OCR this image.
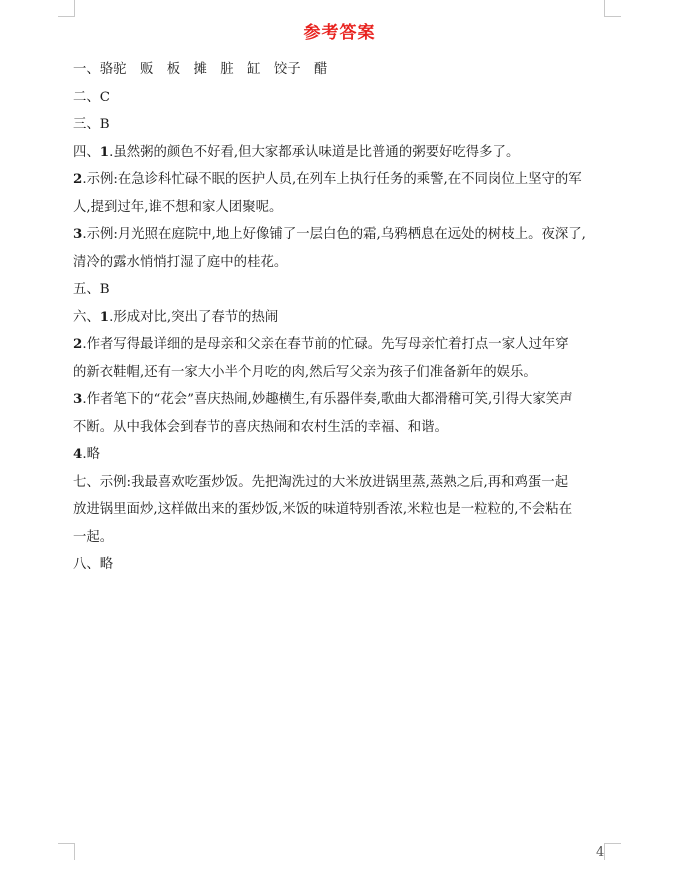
参考答案
一、骆驼　贩　板　摊　脏　缸　饺子　醋
二、C
三、B
四、1.虽然粥的颜色不好看,但大家都承认味道是比普通的粥要好吃得多了。
2.示例:在急诊科忙碌不眠的医护人员,在列车上执行任务的乘警,在不同岗位上坚守的军
人,提到过年,谁不想和家人团聚呢。
3.示例:月光照在庭院中,地上好像铺了一层白色的霜,乌鸦栖息在远处的树枝上。夜深了,
清冷的露水悄悄打湿了庭中的桂花。
五、B
六、1.形成对比,突出了春节的热闹
2.作者写得最详细的是母亲和父亲在春节前的忙碌。先写母亲忙着打点一家人过年穿
的新衣鞋帽,还有一家大小半个月吃的肉,然后写父亲为孩子们准备新年的娱乐。
3.作者笔下的“花会”喜庆热闹,妙趣横生,有乐器伴奏,歌曲大都滑稽可笑,引得大家笑声
不断。从中我体会到春节的喜庆热闹和农村生活的幸福、和谐。
4.略
七、示例:我最喜欢吃蛋炒饭。先把淘洗过的大米放进锅里蒸,蒸熟之后,再和鸡蛋一起
放进锅里面炒,这样做出来的蛋炒饭,米饭的味道特别香浓,米粒也是一粒粒的,不会粘在
一起。
八、略
4
